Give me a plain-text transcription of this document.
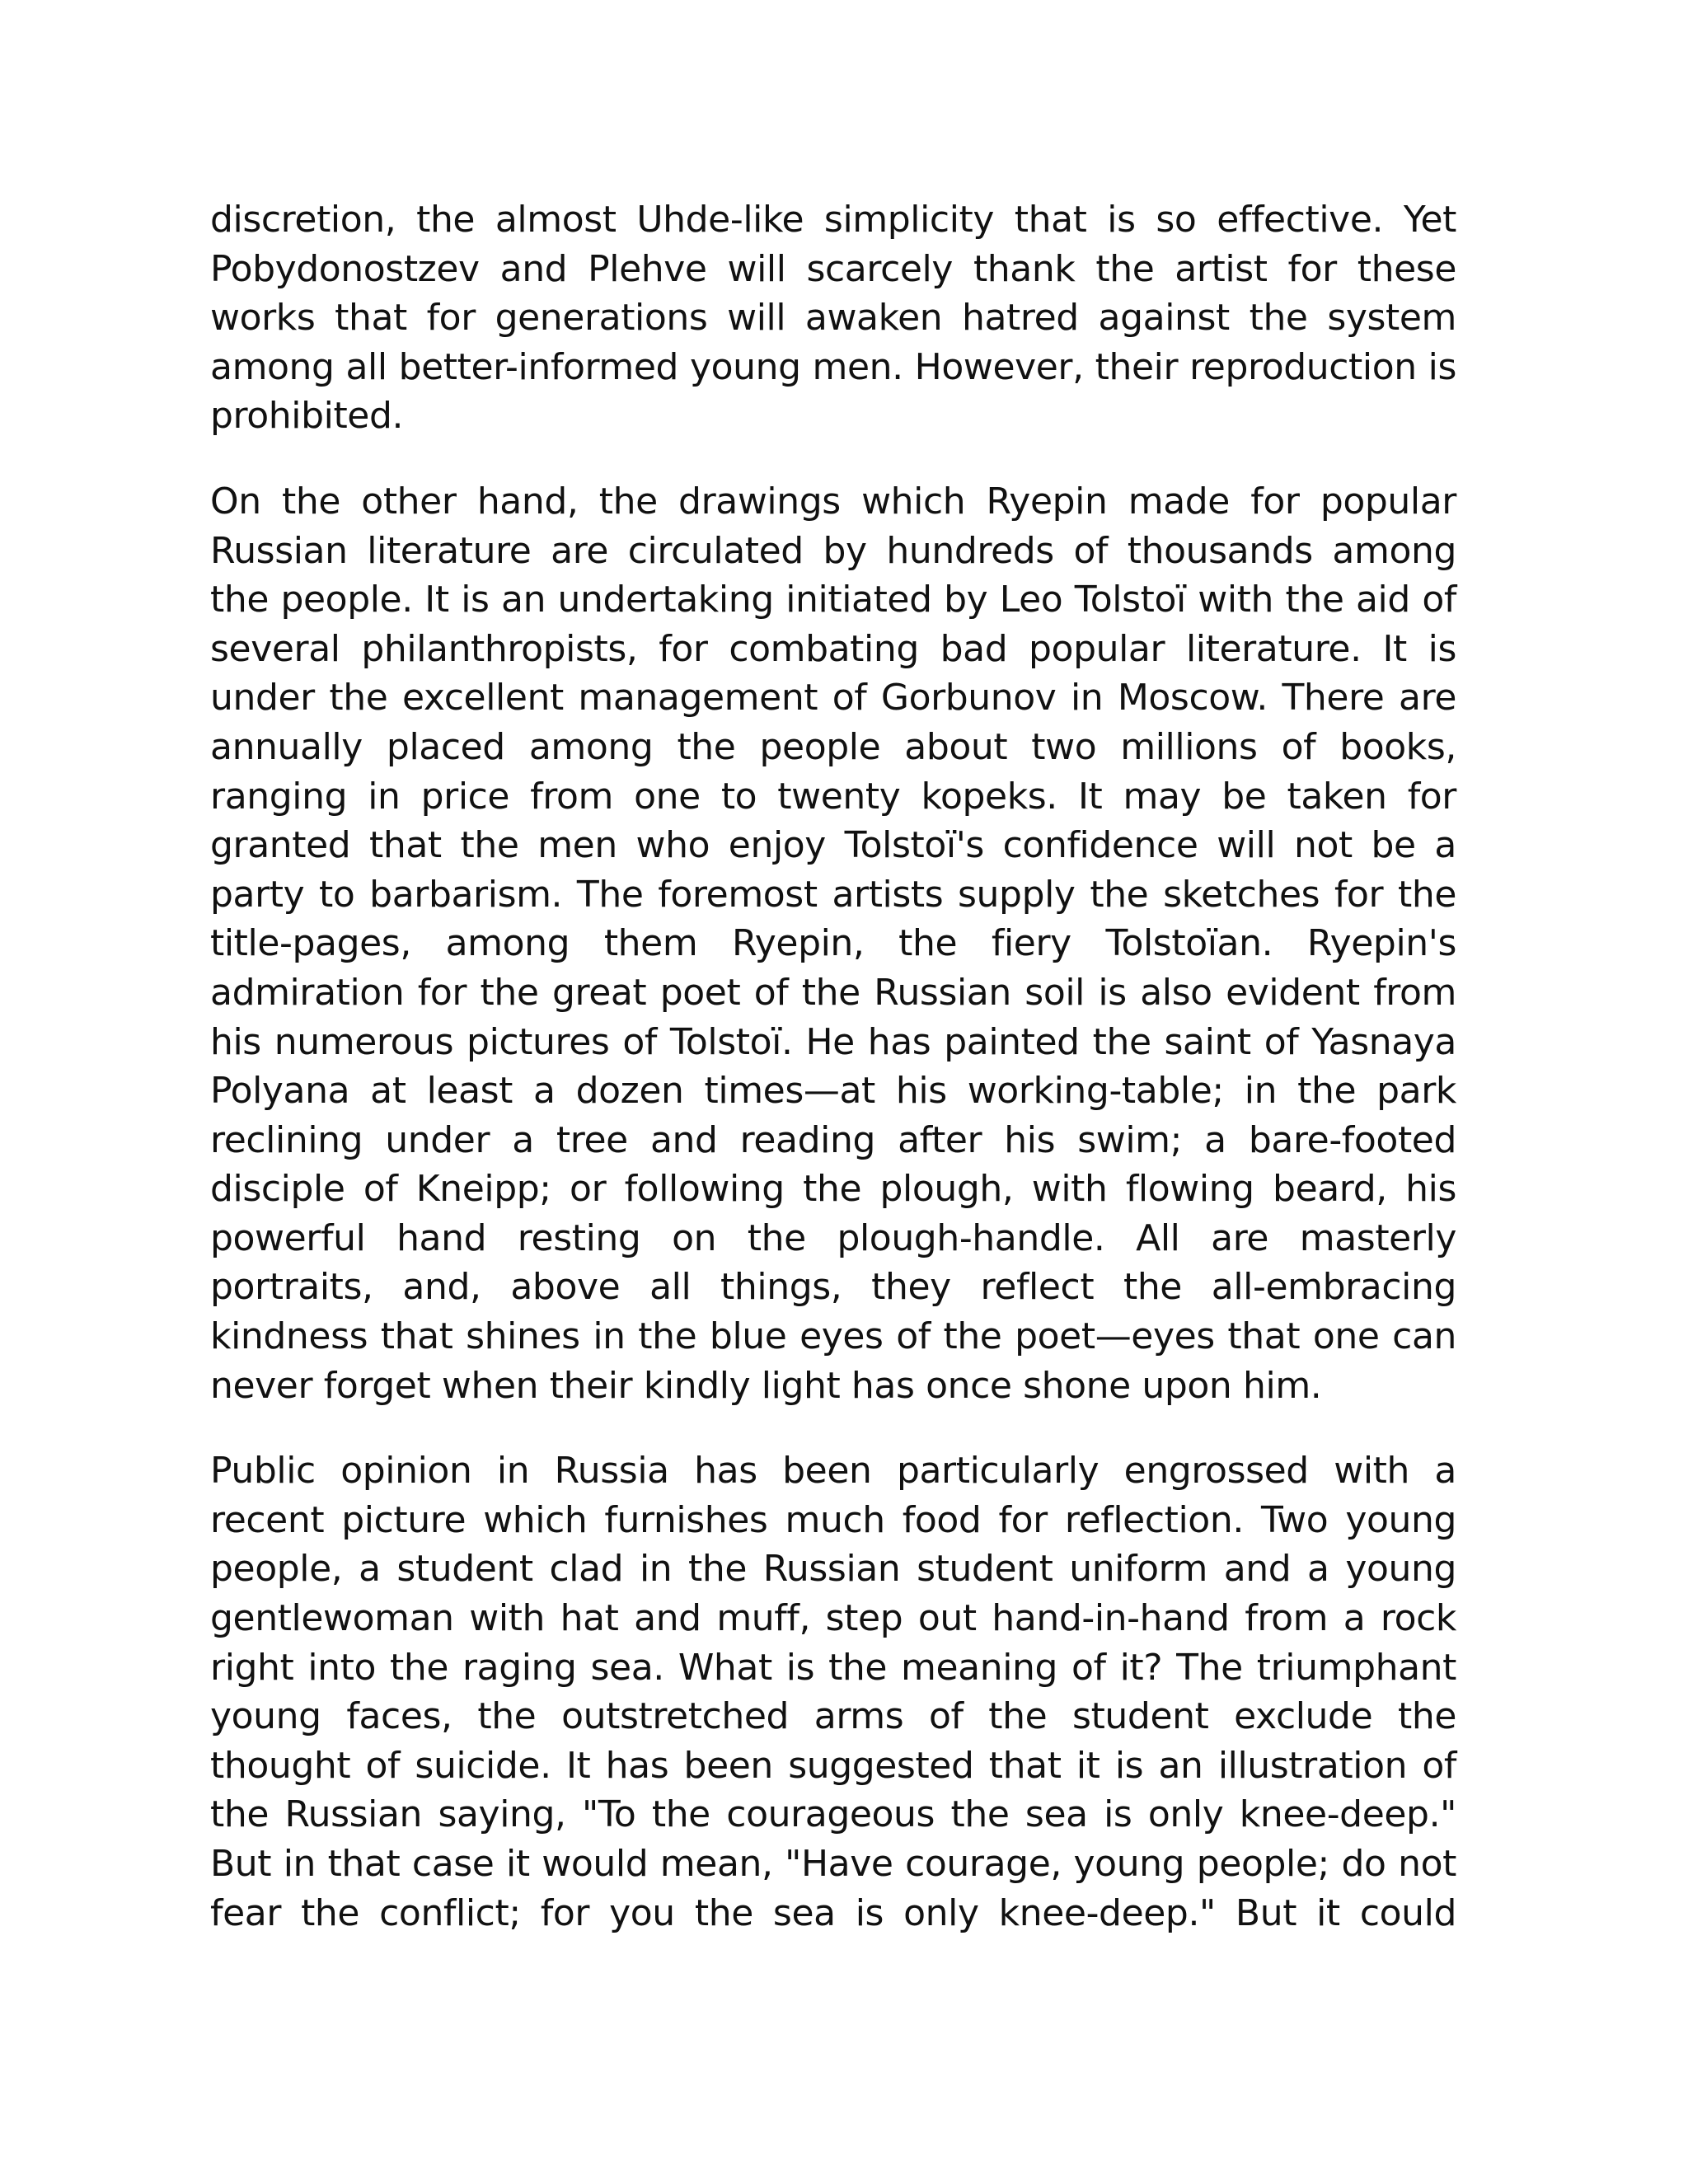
discretion, the almost Uhde-like simplicity that is so effective. Yet Pobydonostzev and Plehve will scarcely thank the artist for these works that for generations will awaken hatred against the system among all better-informed young men. However, their reproduction is prohibited.

On the other hand, the drawings which Ryepin made for popular Russian literature are circulated by hundreds of thousands among the people. It is an undertaking initiated by Leo Tolstoï with the aid of several philanthropists, for combating bad popular literature. It is under the excellent management of Gorbunov in Moscow. There are annually placed among the people about two millions of books, ranging in price from one to twenty kopeks. It may be taken for granted that the men who enjoy Tolstoï's confidence will not be a party to barbarism. The foremost artists supply the sketches for the title-pages, among them Ryepin, the fiery Tolstoïan. Ryepin's admiration for the great poet of the Russian soil is also evident from his numerous pictures of Tolstoï. He has painted the saint of Yasnaya Polyana at least a dozen times—at his working-table; in the park reclining under a tree and reading after his swim; a bare-footed disciple of Kneipp; or following the plough, with flowing beard, his powerful hand resting on the plough-handle. All are masterly portraits, and, above all things, they reflect the all-embracing kindness that shines in the blue eyes of the poet—eyes that one can never forget when their kindly light has once shone upon him.

Public opinion in Russia has been particularly engrossed with a recent picture which furnishes much food for reflection. Two young people, a student clad in the Russian student uniform and a young gentlewoman with hat and muff, step out hand-in-hand from a rock right into the raging sea. What is the meaning of it? The triumphant young faces, the outstretched arms of the student exclude the thought of suicide. It has been suggested that it is an illustration of the Russian saying, "To the courageous the sea is only knee-deep." But in that case it would mean, "Have courage, young people; do not fear the conflict; for you the sea is only knee-deep." But it could
